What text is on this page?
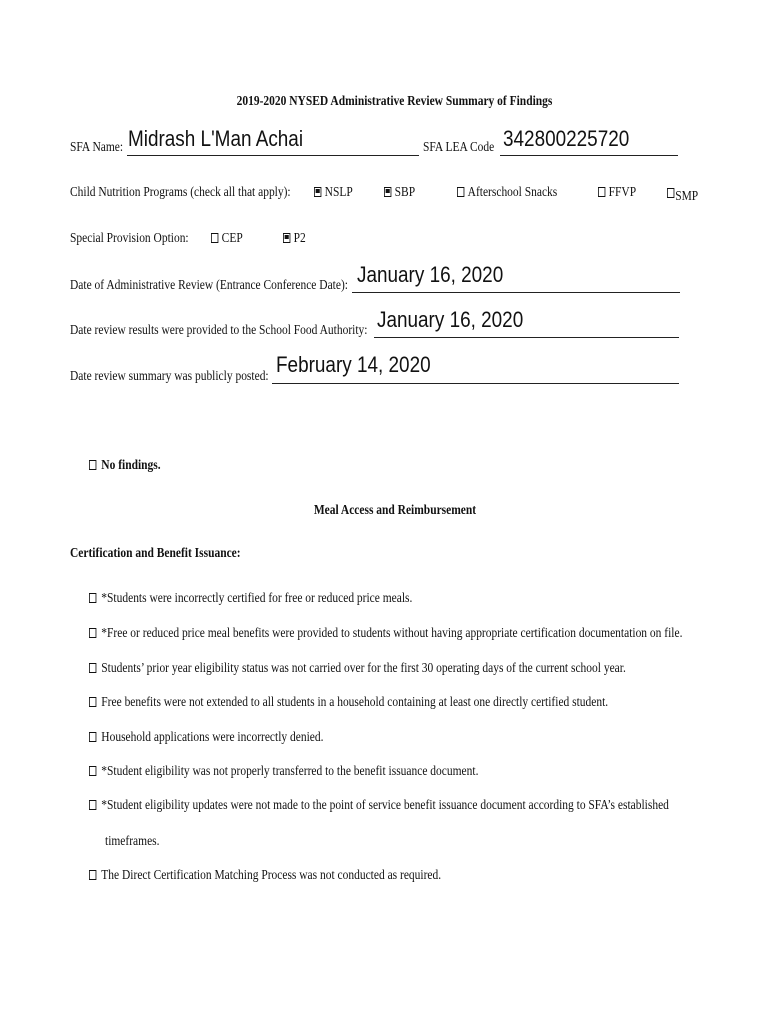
2019-2020 NYSED Administrative Review Summary of Findings
SFA Name: Midrash L'Man Achai	SFA LEA Code 342800225720
Child Nutrition Programs (check all that apply):	NSLP	SBP	Afterschool Snacks	FFVP	SMP
Special Provision Option:	CEP	P2
Date of Administrative Review (Entrance Conference Date): January 16, 2020
Date review results were provided to the School Food Authority: January 16, 2020
Date review summary was publicly posted: February 14, 2020
No findings.
Meal Access and Reimbursement
Certification and Benefit Issuance:
*Students were incorrectly certified for free or reduced price meals.
*Free or reduced price meal benefits were provided to students without having appropriate certification documentation on file.
Students’ prior year eligibility status was not carried over for the first 30 operating days of the current school year.
Free benefits were not extended to all students in a household containing at least one directly certified student.
Household applications were incorrectly denied.
*Student eligibility was not properly transferred to the benefit issuance document.
*Student eligibility updates were not made to the point of service benefit issuance document according to SFA’s established
timeframes.
The Direct Certification Matching Process was not conducted as required.
